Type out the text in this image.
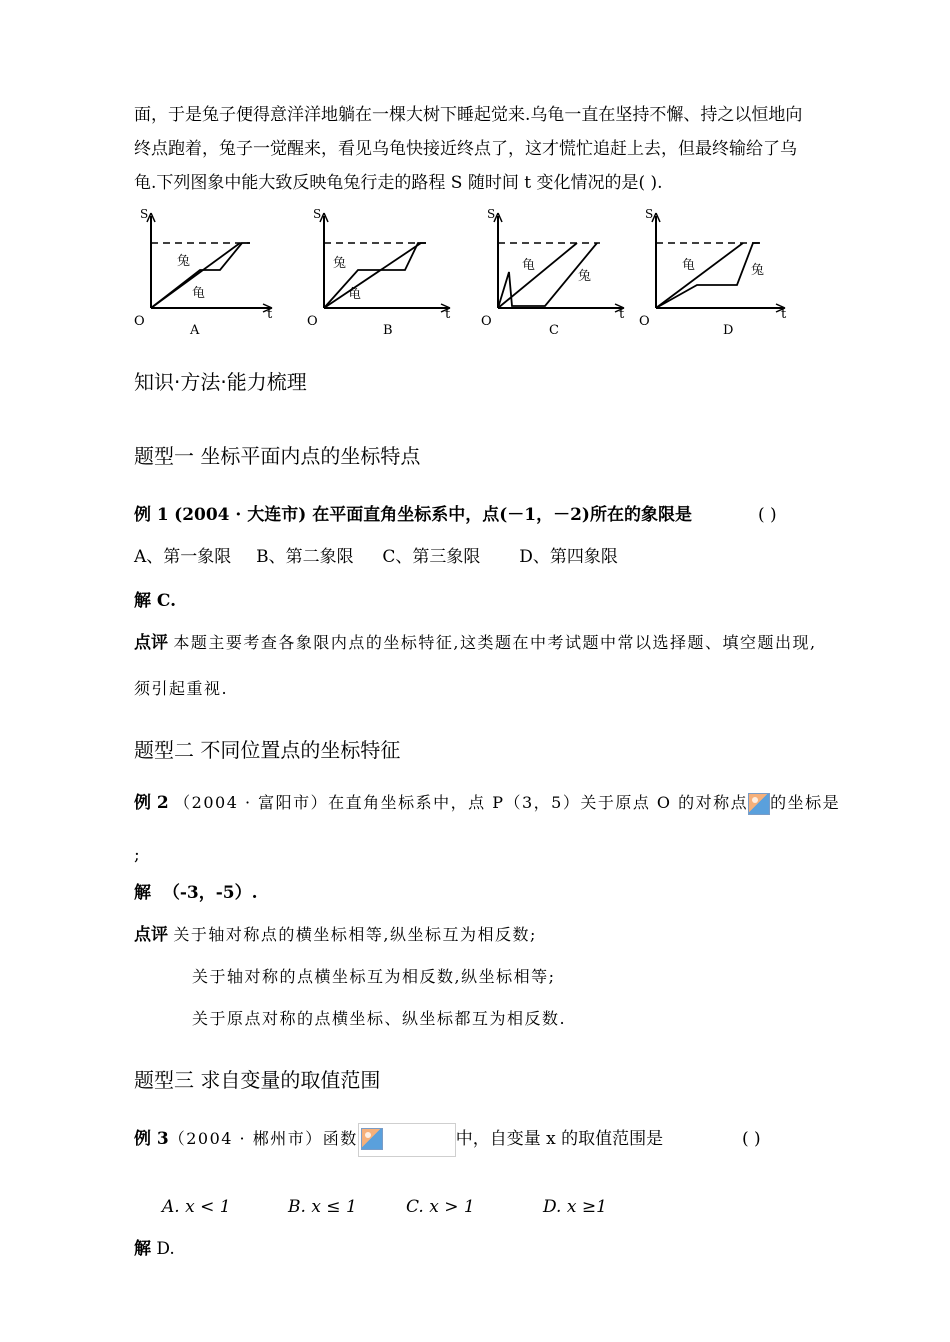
面，于是兔子便得意洋洋地躺在一棵大树下睡起觉来.乌龟一直在坚持不懈、持之以恒地向
终点跑着，兔子一觉醒来，看见乌龟快接近终点了，这才慌忙追赶上去，但最终输给了乌
龟.下列图象中能大致反映龟兔行走的路程 S 随时间 t 变化情况的是( ).
S
t
O
兔
龟
A
S
t
O
兔
龟
B
S
t
O
龟
兔
C
S
t
O
龟	兔
D
知识·方法·能力梳理
题型一 坐标平面内点的坐标特点
例 1 (2004 · 大连市) 在平面直角坐标系中，点(－1，－2)所在的象限是	( )
A、第一象限 B、第二象限 C、第三象限 D、第四象限
解 C.
点评 本题主要考查各象限内点的坐标特征,这类题在中考试题中常以选择题、填空题出现,
须引起重视.
题型二 不同位置点的坐标特征
例 2 （2004 · 富阳市）在直角坐标系中，点 P（3，5）关于原点 O 的对称点 的坐标是
;
解 （-3，-5）.
点评 关于轴对称点的横坐标相等,纵坐标互为相反数;
关于轴对称的点横坐标互为相反数,纵坐标相等;
关于原点对称的点横坐标、纵坐标都互为相反数.
题型三 求自变量的取值范围
例 3（2004 · 郴州市）函数	中，自变量 x 的取值范围是	( )
A. x < 1	B. x ≤ 1	C. x > 1	D. x ≥1
解 D.
